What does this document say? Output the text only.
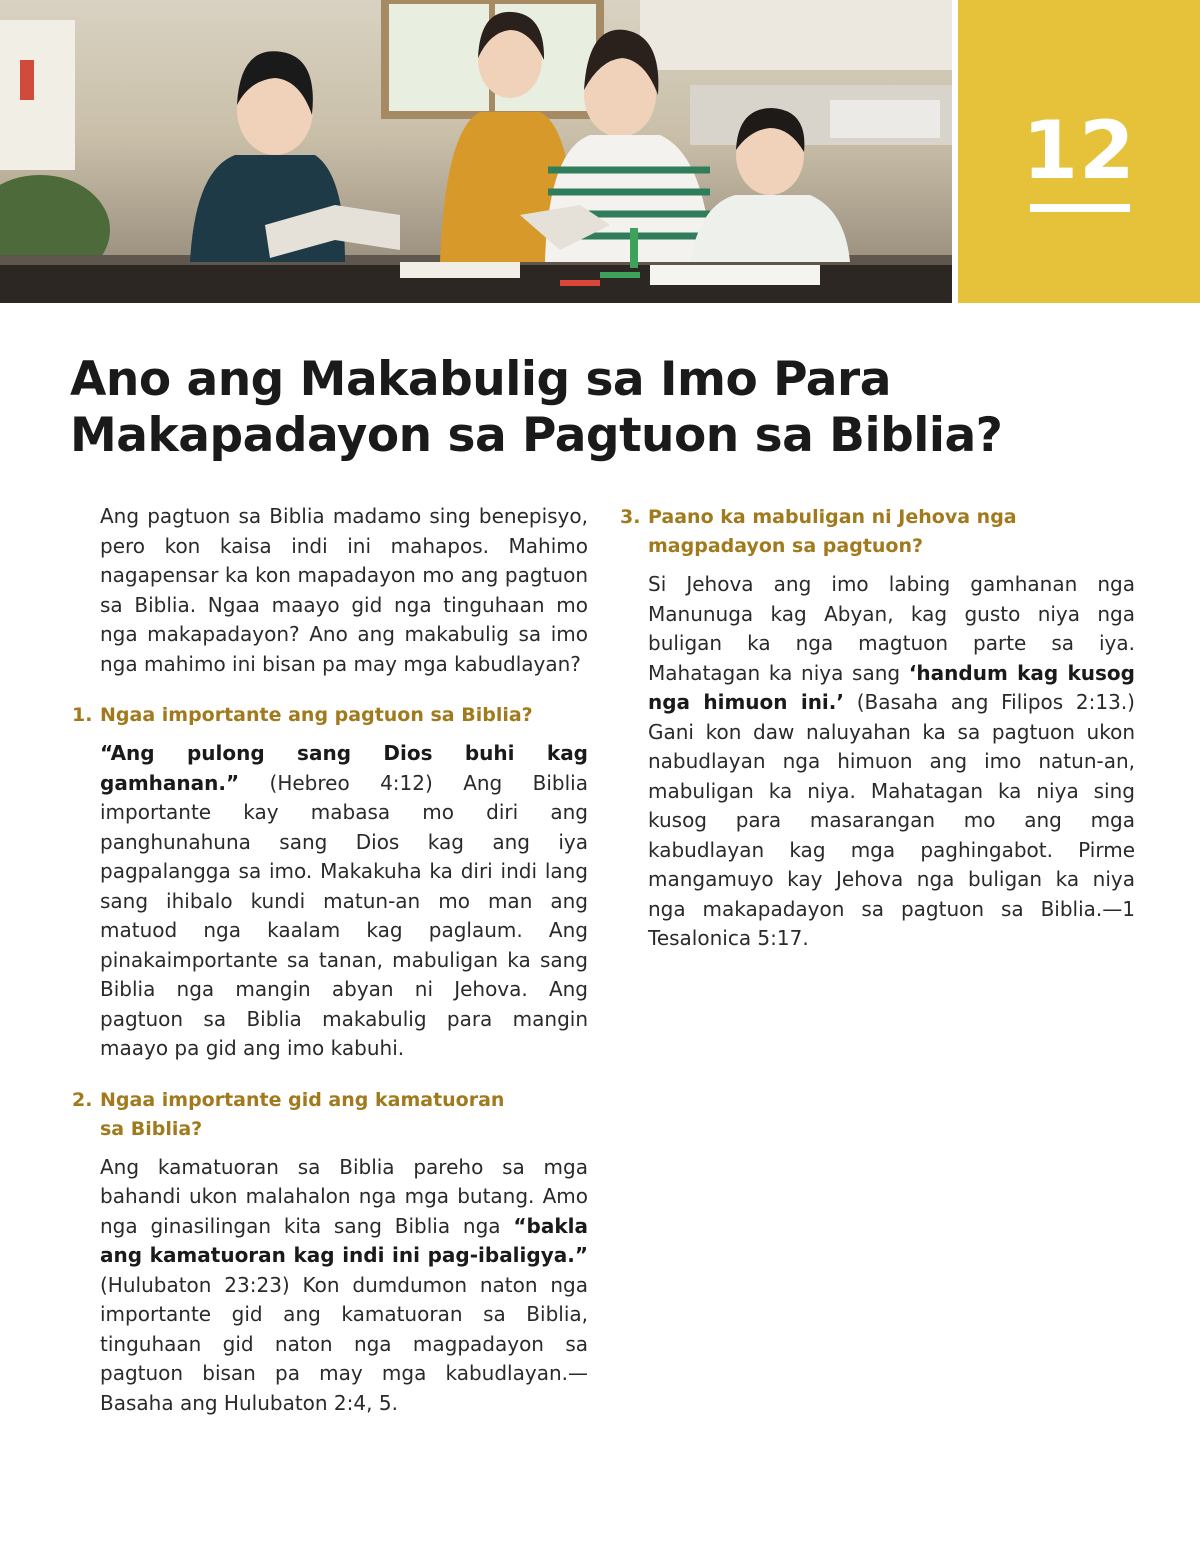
12
Ano ang Makabulig sa Imo Para
Makapadayon sa Pagtuon sa Biblia?

Ang pagtuon sa Biblia madamo sing benepisyo, pero kon kaisa indi ini mahapos. Mahimo nagapensar ka kon mapadayon mo ang pagtuon sa Biblia. Ngaa maayo gid nga tinguhaan mo nga makapadayon? Ano ang makabulig sa imo nga mahimo ini bisan pa may mga kabudlayan?

1. Ngaa importante ang pagtuon sa Biblia?

“Ang pulong sang Dios buhi kag gamhanan.” (Hebreo 4:12) Ang Biblia importante kay mabasa mo diri ang panghunahuna sang Dios kag ang iya pagpalangga sa imo. Makakuha ka diri indi lang sang ihibalo kundi matun-an mo man ang matuod nga kaalam kag paglaum. Ang pinakaimportante sa tanan, mabuligan ka sang Biblia nga mangin abyan ni Jehova. Ang pagtuon sa Biblia makabulig para mangin maayo pa gid ang imo kabuhi.

2. Ngaa importante gid ang kamatuoran sa Biblia?

Ang kamatuoran sa Biblia pareho sa mga bahandi ukon malahalon nga mga butang. Amo nga ginasilingan kita sang Biblia nga “bakla ang kamatuoran kag indi ini pag-ibaligya.” (Hulubaton 23:23) Kon dumdumon naton nga importante gid ang kamatuoran sa Biblia, tinguhaan gid naton nga magpadayon sa pagtuon bisan pa may mga kabudlayan.—Basaha ang Hulubaton 2:4, 5.

3. Paano ka mabuligan ni Jehova nga magpadayon sa pagtuon?

Si Jehova ang imo labing gamhanan nga Manunuga kag Abyan, kag gusto niya nga buligan ka nga magtuon parte sa iya. Mahatagan ka niya sang ‘handum kag kusog nga himuon ini.’ (Basaha ang Filipos 2:13.) Gani kon daw naluyahan ka sa pagtuon ukon nabudlayan nga himuon ang imo natun-an, mabuligan ka niya. Mahatagan ka niya sing kusog para masarangan mo ang mga kabudlayan kag mga paghingabot. Pirme mangamuyo kay Jehova nga buligan ka niya nga makapadayon sa pagtuon sa Biblia.—1 Tesalonica 5:17.
